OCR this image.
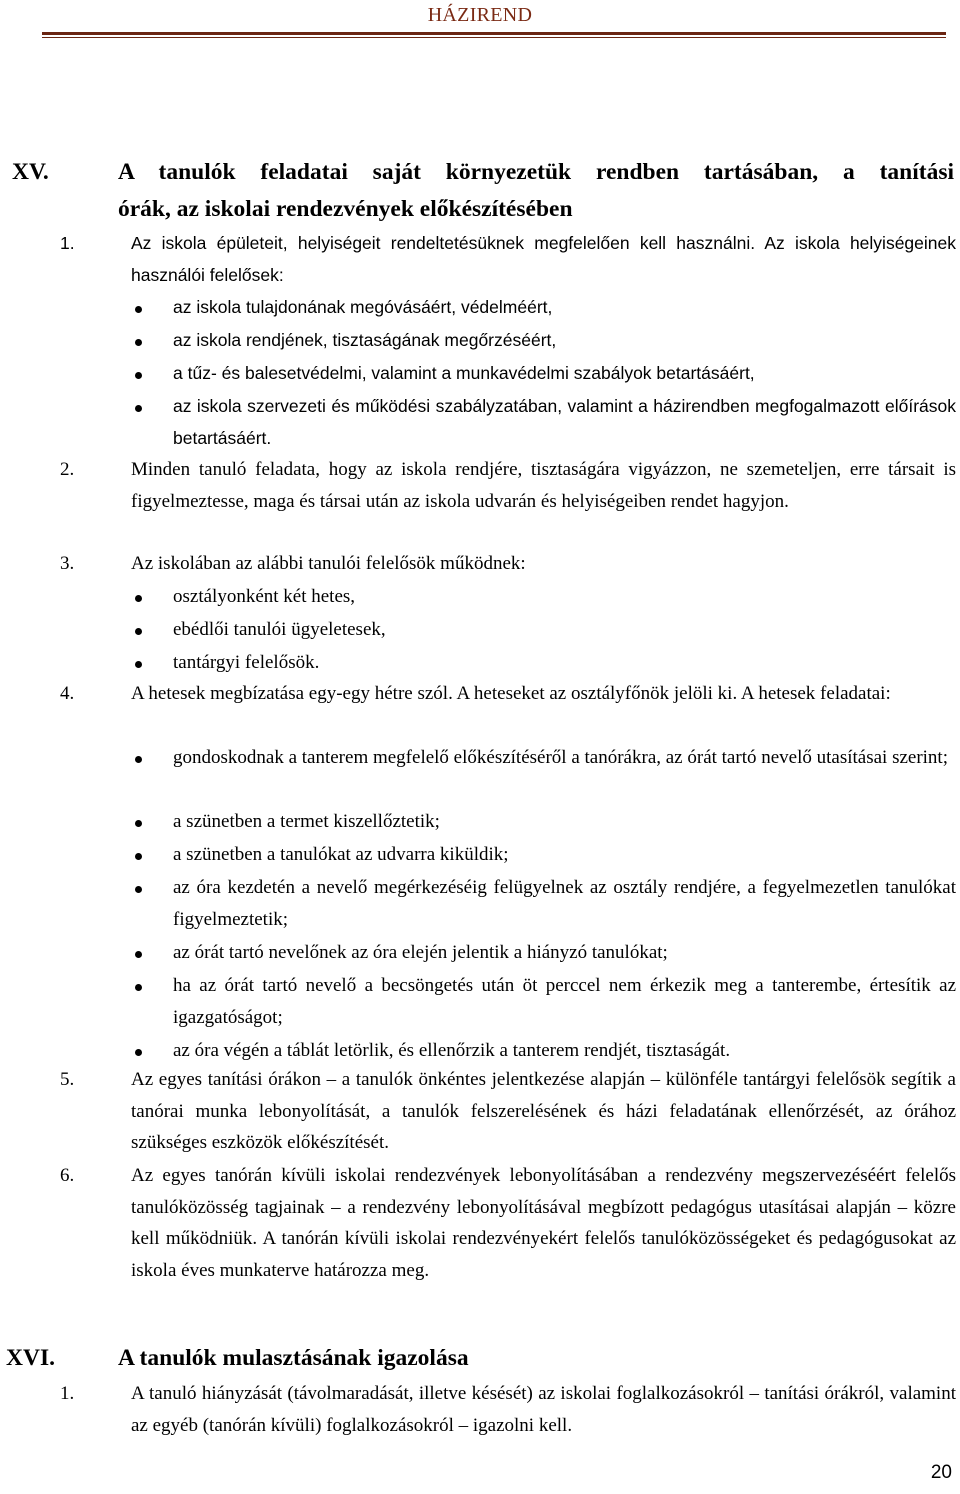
HÁZIREND
XV.	A tanulók feladatai saját környezetük rendben tartásában, a tanítási
órák, az iskolai rendezvények előkészítésében
1.	Az iskola épületeit, helyiségeit rendeltetésüknek megfelelően kell használni. Az iskola helyiségeinek használói felelősek:
az iskola tulajdonának megóvásáért, védelméért,
az iskola rendjének, tisztaságának megőrzéséért,
a tűz- és balesetvédelmi, valamint a munkavédelmi szabályok betartásáért,
az iskola szervezeti és működési szabályzatában, valamint a házirendben megfogalmazott előírások betartásáért.
2.	Minden tanuló feladata, hogy az iskola rendjére, tisztaságára vigyázzon, ne szemeteljen, erre társait is figyelmeztesse, maga és társai után az iskola udvarán és helyiségeiben rendet hagyjon.
3.	Az iskolában az alábbi tanulói felelősök működnek:
osztályonként két hetes,
ebédlői tanulói ügyeletesek,
tantárgyi felelősök.
4.	A hetesek megbízatása egy-egy hétre szól. A heteseket az osztályfőnök jelöli ki. A hetesek feladatai:
gondoskodnak a tanterem megfelelő előkészítéséről a tanórákra, az órát tartó nevelő utasításai szerint;
a szünetben a termet kiszellőztetik;
a szünetben a tanulókat az udvarra kiküldik;
az óra kezdetén a nevelő megérkezéséig felügyelnek az osztály rendjére, a fegyelmezetlen tanulókat figyelmeztetik;
az órát tartó nevelőnek az óra elején jelentik a hiányzó tanulókat;
ha az órát tartó nevelő a becsöngetés után öt perccel nem érkezik meg a tanterembe, értesítik az igazgatóságot;
az óra végén a táblát letörlik, és ellenőrzik a tanterem rendjét, tisztaságát.
5.	Az egyes tanítási órákon – a tanulók önkéntes jelentkezése alapján – különféle tantárgyi felelősök segítik a tanórai munka lebonyolítását, a tanulók felszerelésének és házi feladatának ellenőrzését, az órához szükséges eszközök előkészítését.
6.	Az egyes tanórán kívüli iskolai rendezvények lebonyolításában a rendezvény megszervezéséért felelős tanulóközösség tagjainak – a rendezvény lebonyolításával megbízott pedagógus utasításai alapján – közre kell működniük. A tanórán kívüli iskolai rendezvényekért felelős tanulóközösségeket és pedagógusokat az iskola éves munkaterve határozza meg.
XVI.	A tanulók mulasztásának igazolása
1.	A tanuló hiányzását (távolmaradását, illetve késését) az iskolai foglalkozásokról – tanítási órákról, valamint az egyéb (tanórán kívüli) foglalkozásokról – igazolni kell.
20
